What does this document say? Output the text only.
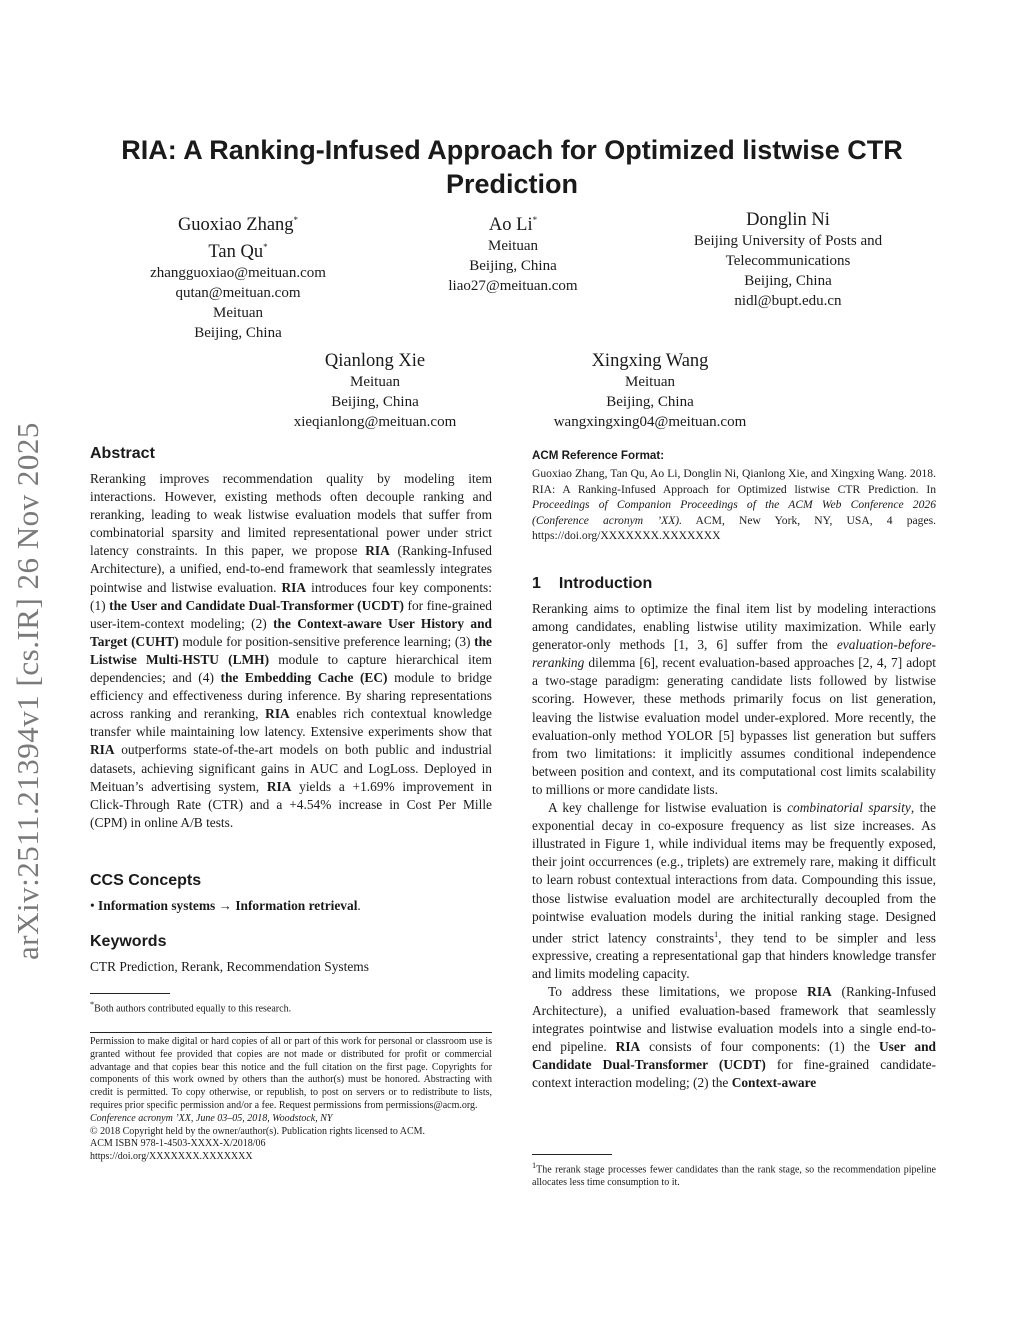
arXiv:2511.21394v1 [cs.IR] 26 Nov 2025
RIA: A Ranking-Infused Approach for Optimized listwise CTR
Prediction
Guoxiao Zhang*
Tan Qu*
zhangguoxiao@meituan.com
qutan@meituan.com
Meituan
Beijing, China
Ao Li*
Meituan
Beijing, China
liao27@meituan.com
Donglin Ni
Beijing University of Posts and
Telecommunications
Beijing, China
nidl@bupt.edu.cn
Qianlong Xie
Meituan
Beijing, China
xieqianlong@meituan.com
Xingxing Wang
Meituan
Beijing, China
wangxingxing04@meituan.com
Abstract

Reranking improves recommendation quality by modeling item interactions. However, existing methods often decouple ranking and reranking, leading to weak listwise evaluation models that suffer from combinatorial sparsity and limited representational power under strict latency constraints. In this paper, we propose RIA (Ranking-Infused Architecture), a unified, end-to-end framework that seamlessly integrates pointwise and listwise evaluation. RIA introduces four key components: (1) the User and Candidate Dual-Transformer (UCDT) for fine-grained user-item-context modeling; (2) the Context-aware User History and Target (CUHT) module for position-sensitive preference learning; (3) the Listwise Multi-HSTU (LMH) module to capture hierarchical item dependencies; and (4) the Embedding Cache (EC) module to bridge efficiency and effectiveness during inference. By sharing representations across ranking and reranking, RIA enables rich contextual knowledge transfer while maintaining low latency. Extensive experiments show that RIA outperforms state-of-the-art models on both public and industrial datasets, achieving significant gains in AUC and LogLoss. Deployed in Meituan’s advertising system, RIA yields a +1.69% improvement in Click-Through Rate (CTR) and a +4.54% increase in Cost Per Mille (CPM) in online A/B tests.

CCS Concepts
• Information systems → Information retrieval.
Keywords
CTR Prediction, Rerank, Recommendation Systems
*Both authors contributed equally to this research.
Permission to make digital or hard copies of all or part of this work for personal or classroom use is granted without fee provided that copies are not made or distributed for profit or commercial advantage and that copies bear this notice and the full citation on the first page. Copyrights for components of this work owned by others than the author(s) must be honored. Abstracting with credit is permitted. To copy otherwise, or republish, to post on servers or to redistribute to lists, requires prior specific permission and/or a fee. Request permissions from permissions@acm.org.
Conference acronym ’XX, June 03–05, 2018, Woodstock, NY
© 2018 Copyright held by the owner/author(s). Publication rights licensed to ACM.
ACM ISBN 978-1-4503-XXXX-X/2018/06
https://doi.org/XXXXXXX.XXXXXXX
ACM Reference Format:
Guoxiao Zhang, Tan Qu, Ao Li, Donglin Ni, Qianlong Xie, and Xingxing Wang. 2018. RIA: A Ranking-Infused Approach for Optimized listwise CTR Prediction. In Proceedings of Companion Proceedings of the ACM Web Conference 2026 (Conference acronym ’XX). ACM, New York, NY, USA, 4 pages. https://doi.org/XXXXXXX.XXXXXXX
1 Introduction

Reranking aims to optimize the final item list by modeling interactions among candidates, enabling listwise utility maximization. While early generator-only methods [1, 3, 6] suffer from the evaluation-before-reranking dilemma [6], recent evaluation-based approaches [2, 4, 7] adopt a two-stage paradigm: generating candidate lists followed by listwise scoring. However, these methods primarily focus on list generation, leaving the listwise evaluation model under-explored. More recently, the evaluation-only method YOLOR [5] bypasses list generation but suffers from two limitations: it implicitly assumes conditional independence between position and context, and its computational cost limits scalability to millions or more candidate lists.

A key challenge for listwise evaluation is combinatorial sparsity, the exponential decay in co-exposure frequency as list size increases. As illustrated in Figure 1, while individual items may be frequently exposed, their joint occurrences (e.g., triplets) are extremely rare, making it difficult to learn robust contextual interactions from data. Compounding this issue, those listwise evaluation model are architecturally decoupled from the pointwise evaluation models during the initial ranking stage. Designed under strict latency constraints$^1$, they tend to be simpler and less expressive, creating a representational gap that hinders knowledge transfer and limits modeling capacity.

To address these limitations, we propose RIA (Ranking-Infused Architecture), a unified evaluation-based framework that seamlessly integrates pointwise and listwise evaluation models into a single end-to-end pipeline. RIA consists of four components: (1) the User and Candidate Dual-Transformer (UCDT) for fine-grained candidate-context interaction modeling; (2) the Context-aware

$^1$The rerank stage processes fewer candidates than the rank stage, so the recommendation pipeline allocates less time consumption to it.
